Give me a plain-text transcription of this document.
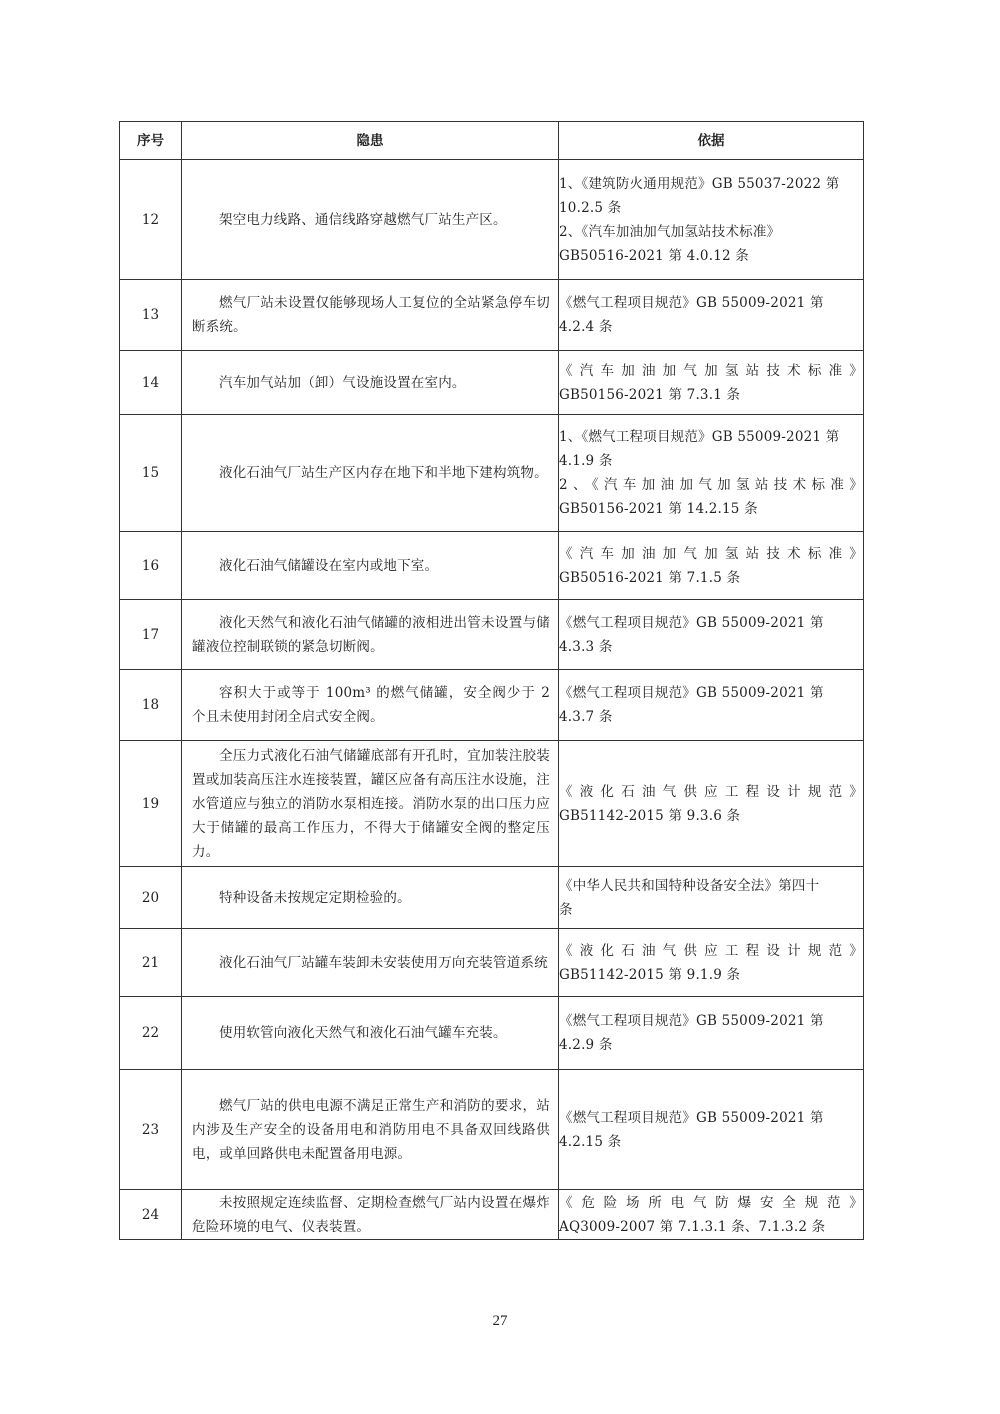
序号	隐患	依据
12	架空电力线路、通信线路穿越燃气厂站生产区。	1、《建筑防火通用规范》GB 55037-2022 第
10.2.5 条
2、《汽车加油加气加氢站技术标准》
GB50516-2021 第 4.0.12 条

13	燃气厂站未设置仅能够现场人工复位的全站紧急停车切断系统。	《燃气工程项目规范》GB 55009-2021 第
4.2.4 条

14	汽车加气站加（卸）气设施设置在室内。	《汽车加油加气加氢站技术标准》
GB50156-2021 第 7.3.1 条

15	液化石油气厂站生产区内存在地下和半地下建构筑物。	1、《燃气工程项目规范》GB 55009-2021 第
4.1.9 条
2、《汽车加油加气加氢站技术标准》
GB50156-2021 第 14.2.15 条

16	液化石油气储罐设在室内或地下室。	《汽车加油加气加氢站技术标准》
GB50516-2021 第 7.1.5 条

17	液化天然气和液化石油气储罐的液相进出管未设置与储罐液位控制联锁的紧急切断阀。	《燃气工程项目规范》GB 55009-2021 第
4.3.3 条

18	容积大于或等于 100m³ 的燃气储罐，安全阀少于 2 个且未使用封闭全启式安全阀。	《燃气工程项目规范》GB 55009-2021 第
4.3.7 条

19	全压力式液化石油气储罐底部有开孔时，宜加装注胶装置或加装高压注水连接装置，罐区应备有高压注水设施，注水管道应与独立的消防水泵相连接。消防水泵的出口压力应大于储罐的最高工作压力，不得大于储罐安全阀的整定压力。	《液化石油气供应工程设计规范》
GB51142-2015 第 9.3.6 条

20	特种设备未按规定定期检验的。	《中华人民共和国特种设备安全法》第四十
条

21	液化石油气厂站罐车装卸未安装使用万向充装管道系统	《液化石油气供应工程设计规范》
GB51142-2015 第 9.1.9 条

22	使用软管向液化天然气和液化石油气罐车充装。	《燃气工程项目规范》GB 55009-2021 第
4.2.9 条

23	燃气厂站的供电电源不满足正常生产和消防的要求，站内涉及生产安全的设备用电和消防用电不具备双回线路供电，或单回路供电未配置备用电源。	《燃气工程项目规范》GB 55009-2021 第
4.2.15 条

24	未按照规定连续监督、定期检查燃气厂站内设置在爆炸危险环境的电气、仪表装置。	《危险场所电气防爆安全规范》
AQ3009-2007 第 7.1.3.1 条、7.1.3.2 条
27
